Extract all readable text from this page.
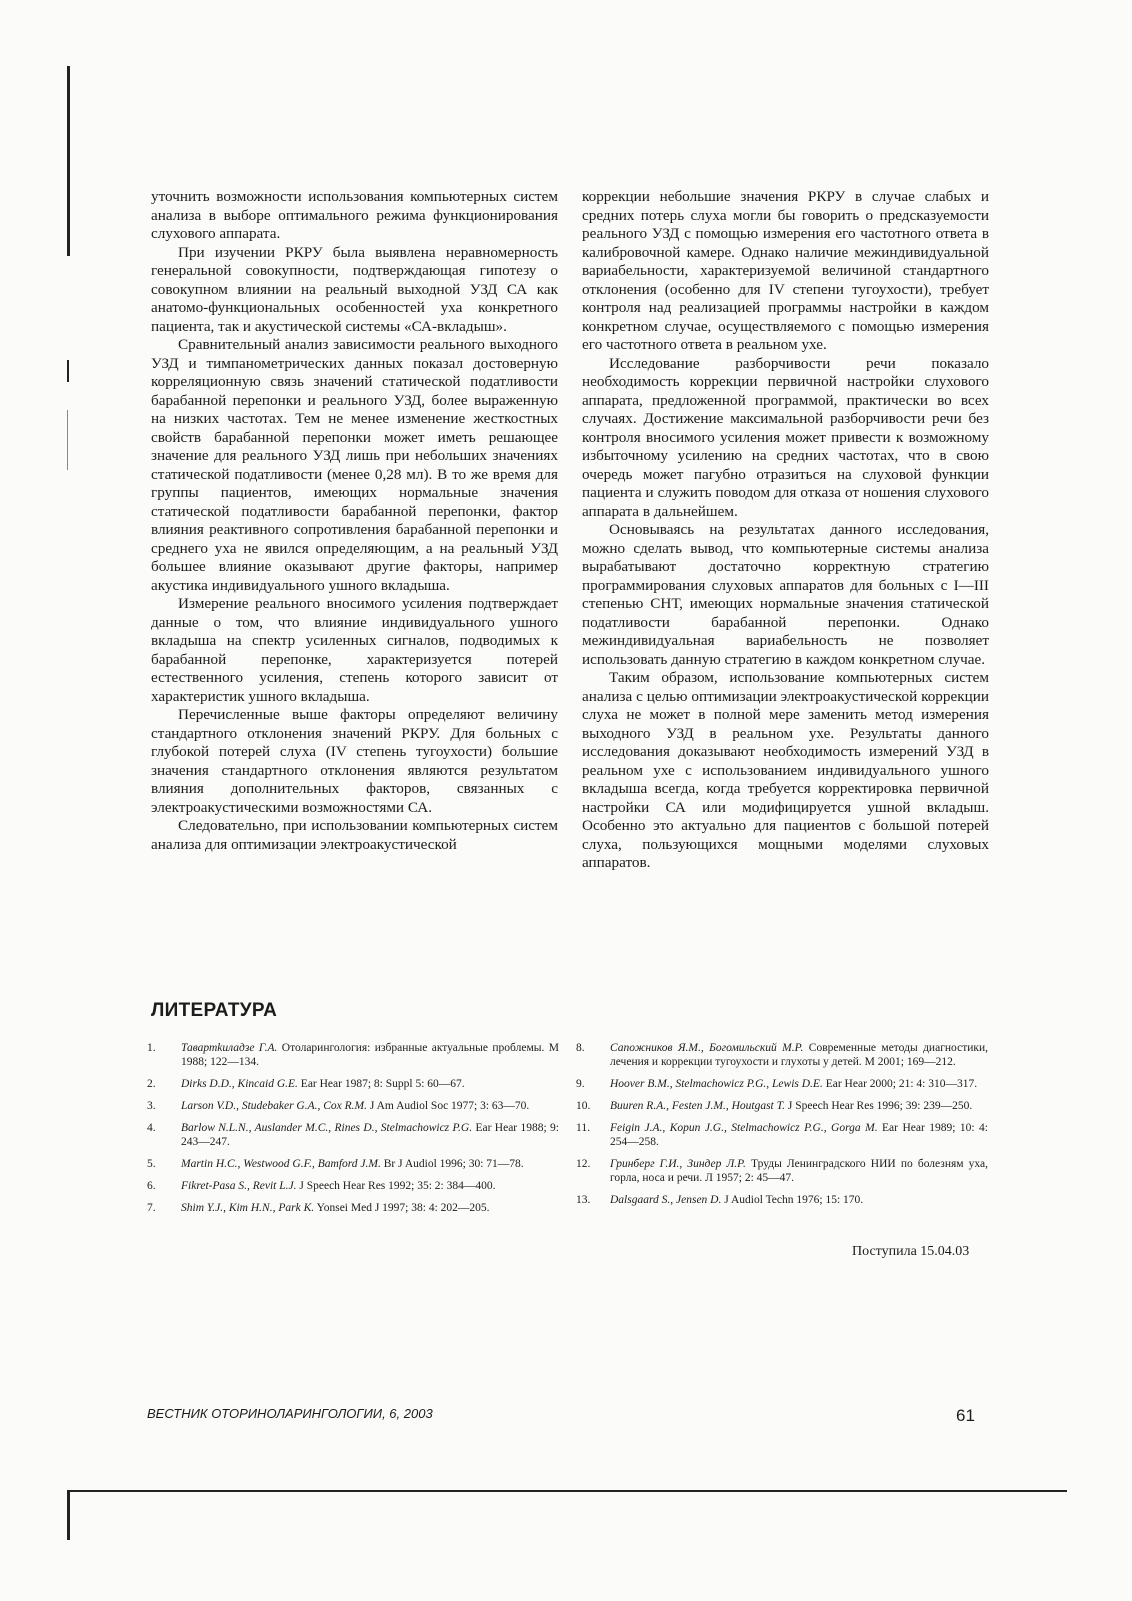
уточнить возможности использования компьютерных систем анализа в выборе оптимального режима функционирования слухового аппарата.

При изучении РКРУ была выявлена неравномерность генеральной совокупности, подтверждающая гипотезу о совокупном влиянии на реальный выходной УЗД СА как анатомо-функциональных особенностей уха конкретного пациента, так и акустической системы «СА-вкладыш».

Сравнительный анализ зависимости реального выходного УЗД и тимпанометрических данных показал достоверную корреляционную связь значений статической податливости барабанной перепонки и реального УЗД, более выраженную на низких частотах. Тем не менее изменение жесткостных свойств барабанной перепонки может иметь решающее значение для реального УЗД лишь при небольших значениях статической податливости (менее 0,28 мл). В то же время для группы пациентов, имеющих нормальные значения статической податливости барабанной перепонки, фактор влияния реактивного сопротивления барабанной перепонки и среднего уха не явился определяющим, а на реальный УЗД большее влияние оказывают другие факторы, например акустика индивидуального ушного вкладыша.

Измерение реального вносимого усиления подтверждает данные о том, что влияние индивидуального ушного вкладыша на спектр усиленных сигналов, подводимых к барабанной перепонке, характеризуется потерей естественного усиления, степень которого зависит от характеристик ушного вкладыша.

Перечисленные выше факторы определяют величину стандартного отклонения значений РКРУ. Для больных с глубокой потерей слуха (IV степень тугоухости) большие значения стандартного отклонения являются результатом влияния дополнительных факторов, связанных с электроакустическими возможностями СА.

Следовательно, при использовании компьютерных систем анализа для оптимизации электроакустической

коррекции небольшие значения РКРУ в случае слабых и средних потерь слуха могли бы говорить о предсказуемости реального УЗД с помощью измерения его частотного ответа в калибровочной камере. Однако наличие межиндивидуальной вариабельности, характеризуемой величиной стандартного отклонения (особенно для IV степени тугоухости), требует контроля над реализацией программы настройки в каждом конкретном случае, осуществляемого с помощью измерения его частотного ответа в реальном ухе.

Исследование разборчивости речи показало необходимость коррекции первичной настройки слухового аппарата, предложенной программой, практически во всех случаях. Достижение максимальной разборчивости речи без контроля вносимого усиления может привести к возможному избыточному усилению на средних частотах, что в свою очередь может пагубно отразиться на слуховой функции пациента и служить поводом для отказа от ношения слухового аппарата в дальнейшем.

Основываясь на результатах данного исследования, можно сделать вывод, что компьютерные системы анализа вырабатывают достаточно корректную стратегию программирования слуховых аппаратов для больных с I—III степенью СНТ, имеющих нормальные значения статической податливости барабанной перепонки. Однако межиндивидуальная вариабельность не позволяет использовать данную стратегию в каждом конкретном случае.

Таким образом, использование компьютерных систем анализа с целью оптимизации электроакустической коррекции слуха не может в полной мере заменить метод измерения выходного УЗД в реальном ухе. Результаты данного исследования доказывают необходимость измерений УЗД в реальном ухе с использованием индивидуального ушного вкладыша всегда, когда требуется корректировка первичной настройки СА или модифицируется ушной вкладыш. Особенно это актуально для пациентов с большой потерей слуха, пользующихся мощными моделями слуховых аппаратов.

ЛИТЕРАТУРА
1. Тавартkиладзе Г.А. Отоларингология: избранные актуальные проблемы. М 1988; 122—134.
2. Dirks D.D., Kincaid G.E. Ear Hear 1987; 8: Suppl 5: 60—67.
3. Larson V.D., Studebaker G.A., Cox R.M. J Am Audiol Soc 1977; 3: 63—70.
4. Barlow N.L.N., Auslander M.C., Rines D., Stelmachowicz P.G. Ear Hear 1988; 9: 243—247.
5. Martin H.C., Westwood G.F., Bamford J.M. Br J Audiol 1996; 30: 71—78.
6. Fikret-Pasa S., Revit L.J. J Speech Hear Res 1992; 35: 2: 384—400.
7. Shim Y.J., Kim H.N., Park K. Yonsei Med J 1997; 38: 4: 202—205.
8. Сапожников Я.М., Богомильский М.Р. Современные методы диагностики, лечения и коррекции тугоухости и глухоты у детей. М 2001; 169—212.
9. Hoover B.M., Stelmachowicz P.G., Lewis D.E. Ear Hear 2000; 21: 4: 310—317.
10. Buuren R.A., Festen J.M., Houtgast T. J Speech Hear Res 1996; 39: 239—250.
11. Feigin J.A., Kopun J.G., Stelmachowicz P.G., Gorga M. Ear Hear 1989; 10: 4: 254—258.
12. Гринберг Г.И., Зиндер Л.Р. Труды Ленинградского НИИ по болезням уха, горла, носа и речи. Л 1957; 2: 45—47.
13. Dalsgaard S., Jensen D. J Audiol Techn 1976; 15: 170.
Поступила 15.04.03
ВЕСТНИК ОТОРИНОЛАРИНГОЛОГИИ, 6, 2003	61
